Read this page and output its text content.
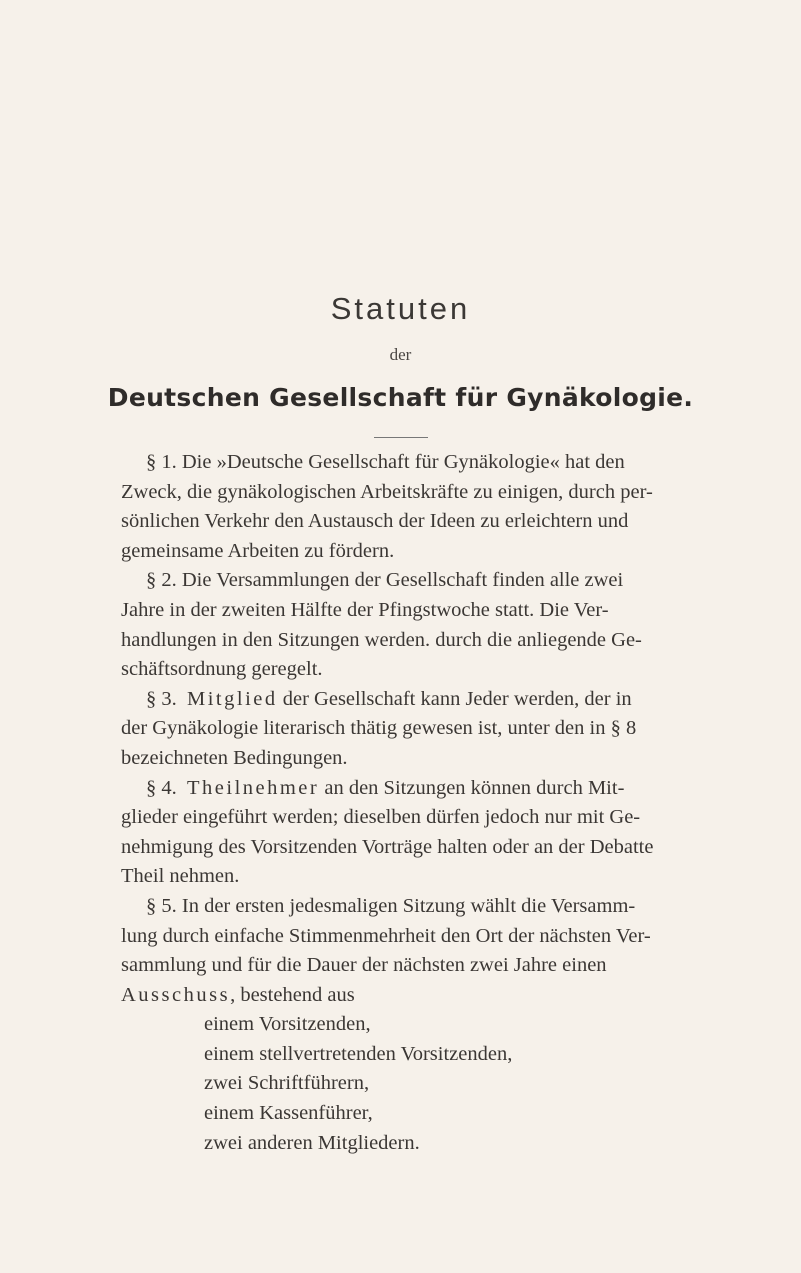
Statuten
der
Deutschen Gesellschaft für Gynäkologie.
§ 1. Die »Deutsche Gesellschaft für Gynäkologie« hat den
Zweck, die gynäkologischen Arbeitskräfte zu einigen, durch per-
sönlichen Verkehr den Austausch der Ideen zu erleichtern und
gemeinsame Arbeiten zu fördern.
§ 2. Die Versammlungen der Gesellschaft finden alle zwei
Jahre in der zweiten Hälfte der Pfingstwoche statt. Die Ver-
handlungen in den Sitzungen werden. durch die anliegende Ge-
schäftsordnung geregelt.
§ 3.  Mitglied der Gesellschaft kann Jeder werden, der in
der Gynäkologie literarisch thätig gewesen ist, unter den in § 8
bezeichneten Bedingungen.
§ 4.  Theilnehmer an den Sitzungen können durch Mit-
glieder eingeführt werden; dieselben dürfen jedoch nur mit Ge-
nehmigung des Vorsitzenden Vorträge halten oder an der Debatte
Theil nehmen.
§ 5. In der ersten jedesmaligen Sitzung wählt die Versamm-
lung durch einfache Stimmenmehrheit den Ort der nächsten Ver-
sammlung und für die Dauer der nächsten zwei Jahre einen
Ausschuss, bestehend aus
einem Vorsitzenden,
einem stellvertretenden Vorsitzenden,
zwei Schriftführern,
einem Kassenführer,
zwei anderen Mitgliedern.
